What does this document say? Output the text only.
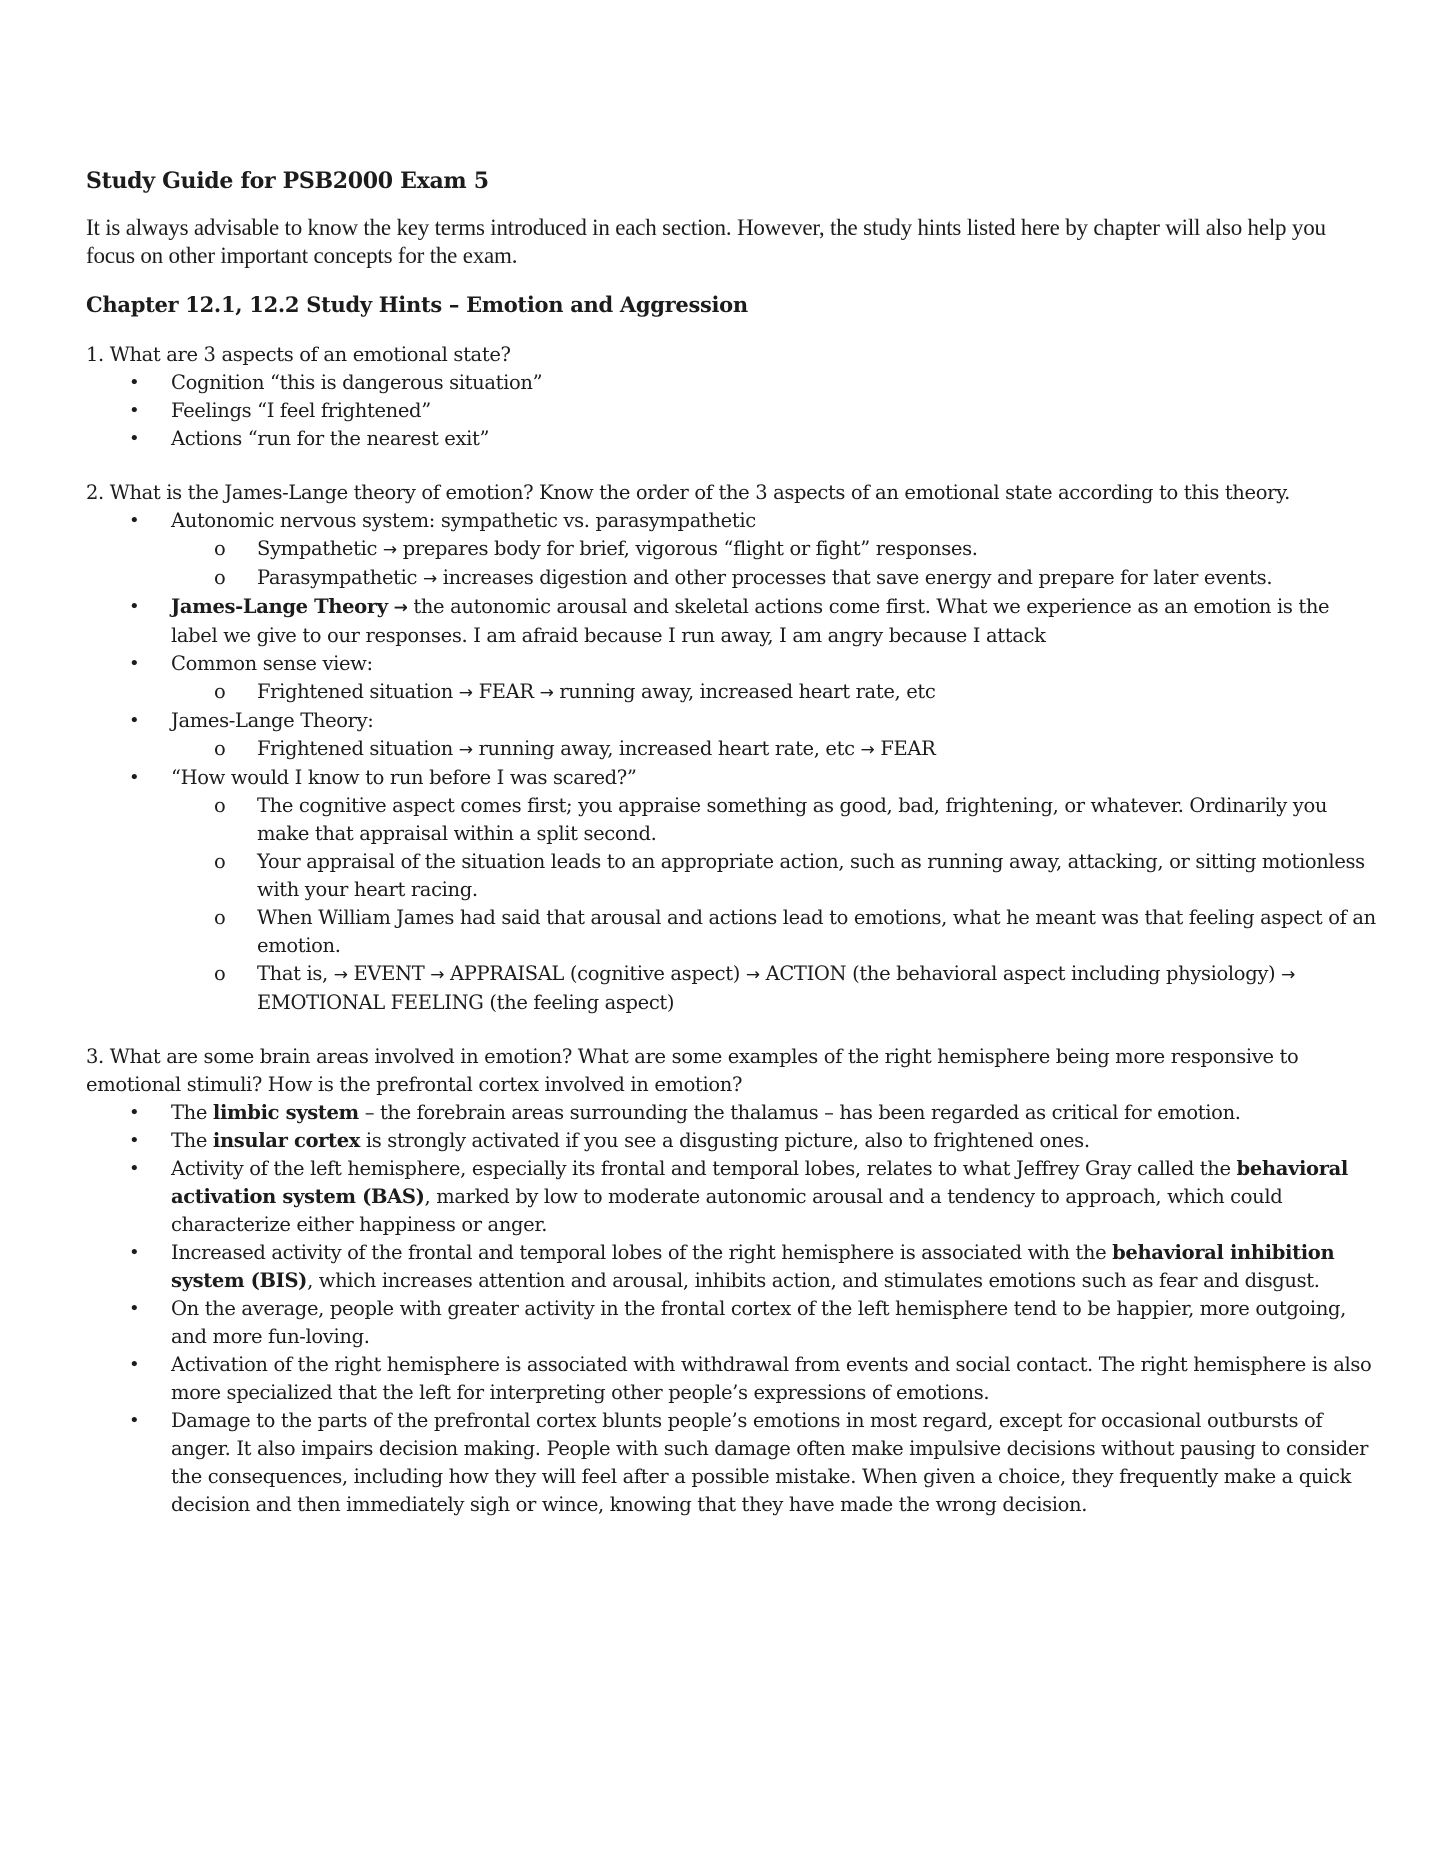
Study Guide for PSB2000 Exam 5
It is always advisable to know the key terms introduced in each section. However, the study hints listed here by chapter will also help you focus on other important concepts for the exam.
Chapter 12.1, 12.2 Study Hints – Emotion and Aggression

1. What are 3 aspects of an emotional state?

• Cognition “this is dangerous situation”
• Feelings “I feel frightened”
• Actions “run for the nearest exit”

2. What is the James-Lange theory of emotion? Know the order of the 3 aspects of an emotional state according to this theory.

• Autonomic nervous system: sympathetic vs. parasympathetic
o Sympathetic → prepares body for brief, vigorous “flight or fight” responses.
o Parasympathetic → increases digestion and other processes that save energy and prepare for later events.
• James-Lange Theory → the autonomic arousal and skeletal actions come first. What we experience as an emotion is the label we give to our responses. I am afraid because I run away, I am angry because I attack
• Common sense view:
o Frightened situation → FEAR → running away, increased heart rate, etc
• James-Lange Theory:
o Frightened situation → running away, increased heart rate, etc → FEAR
• “How would I know to run before I was scared?”
o The cognitive aspect comes first; you appraise something as good, bad, frightening, or whatever. Ordinarily you make that appraisal within a split second.
o Your appraisal of the situation leads to an appropriate action, such as running away, attacking, or sitting motionless with your heart racing.
o When William James had said that arousal and actions lead to emotions, what he meant was that feeling aspect of an emotion.
o That is, → EVENT → APPRAISAL (cognitive aspect) → ACTION (the behavioral aspect including physiology) → EMOTIONAL FEELING (the feeling aspect)

3. What are some brain areas involved in emotion? What are some examples of the right hemisphere being more responsive to emotional stimuli? How is the prefrontal cortex involved in emotion?

• The limbic system – the forebrain areas surrounding the thalamus – has been regarded as critical for emotion.
• The insular cortex is strongly activated if you see a disgusting picture, also to frightened ones.
• Activity of the left hemisphere, especially its frontal and temporal lobes, relates to what Jeffrey Gray called the behavioral activation system (BAS), marked by low to moderate autonomic arousal and a tendency to approach, which could characterize either happiness or anger.
• Increased activity of the frontal and temporal lobes of the right hemisphere is associated with the behavioral inhibition system (BIS), which increases attention and arousal, inhibits action, and stimulates emotions such as fear and disgust.
• On the average, people with greater activity in the frontal cortex of the left hemisphere tend to be happier, more outgoing, and more fun-loving.
• Activation of the right hemisphere is associated with withdrawal from events and social contact. The right hemisphere is also more specialized that the left for interpreting other people’s expressions of emotions.
• Damage to the parts of the prefrontal cortex blunts people’s emotions in most regard, except for occasional outbursts of anger. It also impairs decision making. People with such damage often make impulsive decisions without pausing to consider the consequences, including how they will feel after a possible mistake. When given a choice, they frequently make a quick decision and then immediately sigh or wince, knowing that they have made the wrong decision.
